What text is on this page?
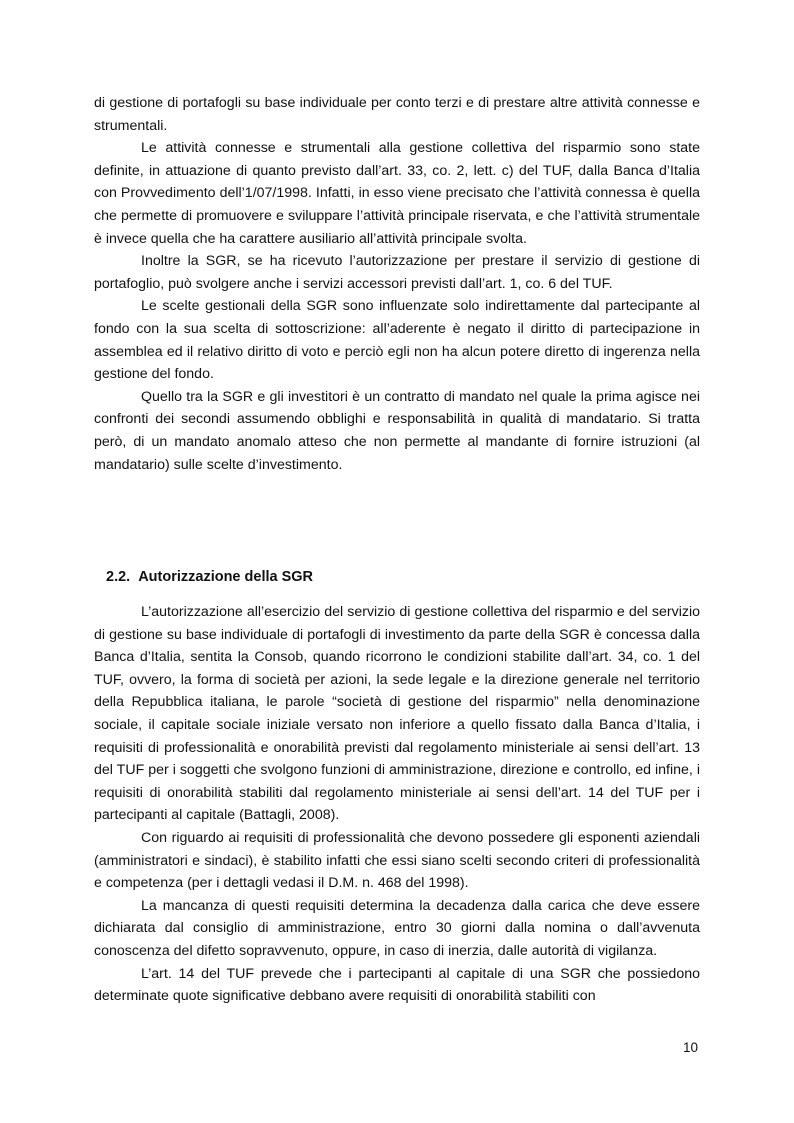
di gestione di portafogli su base individuale per conto terzi e di prestare altre attività connesse e strumentali.

Le attività connesse e strumentali alla gestione collettiva del risparmio sono state definite, in attuazione di quanto previsto dall’art. 33, co. 2, lett. c) del TUF, dalla Banca d’Italia con Provvedimento dell’1/07/1998. Infatti, in esso viene precisato che l’attività connessa è quella che permette di promuovere e sviluppare l’attività principale riservata, e che l’attività strumentale è invece quella che ha carattere ausiliario all’attività principale svolta.

Inoltre la SGR, se ha ricevuto l’autorizzazione per prestare il servizio di gestione di portafoglio, può svolgere anche i servizi accessori previsti dall’art. 1, co. 6 del TUF.

Le scelte gestionali della SGR sono influenzate solo indirettamente dal partecipante al fondo con la sua scelta di sottoscrizione: all’aderente è negato il diritto di partecipazione in assemblea ed il relativo diritto di voto e perciò egli non ha alcun potere diretto di ingerenza nella gestione del fondo.

Quello tra la SGR e gli investitori è un contratto di mandato nel quale la prima agisce nei confronti dei secondi assumendo obblighi e responsabilità in qualità di mandatario. Si tratta però, di un mandato anomalo atteso che non permette al mandante di fornire istruzioni (al mandatario) sulle scelte d’investimento.

2.2. Autorizzazione della SGR

L’autorizzazione all’esercizio del servizio di gestione collettiva del risparmio e del servizio di gestione su base individuale di portafogli di investimento da parte della SGR è concessa dalla Banca d’Italia, sentita la Consob, quando ricorrono le condizioni stabilite dall’art. 34, co. 1 del TUF, ovvero, la forma di società per azioni, la sede legale e la direzione generale nel territorio della Repubblica italiana, le parole “società di gestione del risparmio” nella denominazione sociale, il capitale sociale iniziale versato non inferiore a quello fissato dalla Banca d’Italia, i requisiti di professionalità e onorabilità previsti dal regolamento ministeriale ai sensi dell’art. 13 del TUF per i soggetti che svolgono funzioni di amministrazione, direzione e controllo, ed infine, i requisiti di onorabilità stabiliti dal regolamento ministeriale ai sensi dell’art. 14 del TUF per i partecipanti al capitale (Battagli, 2008).

Con riguardo ai requisiti di professionalità che devono possedere gli esponenti aziendali (amministratori e sindaci), è stabilito infatti che essi siano scelti secondo criteri di professionalità e competenza (per i dettagli vedasi il D.M. n. 468 del 1998).

La mancanza di questi requisiti determina la decadenza dalla carica che deve essere dichiarata dal consiglio di amministrazione, entro 30 giorni dalla nomina o dall’avvenuta conoscenza del difetto sopravvenuto, oppure, in caso di inerzia, dalle autorità di vigilanza.

L’art. 14 del TUF prevede che i partecipanti al capitale di una SGR che possiedono determinate quote significative debbano avere requisiti di onorabilità stabiliti con

10
